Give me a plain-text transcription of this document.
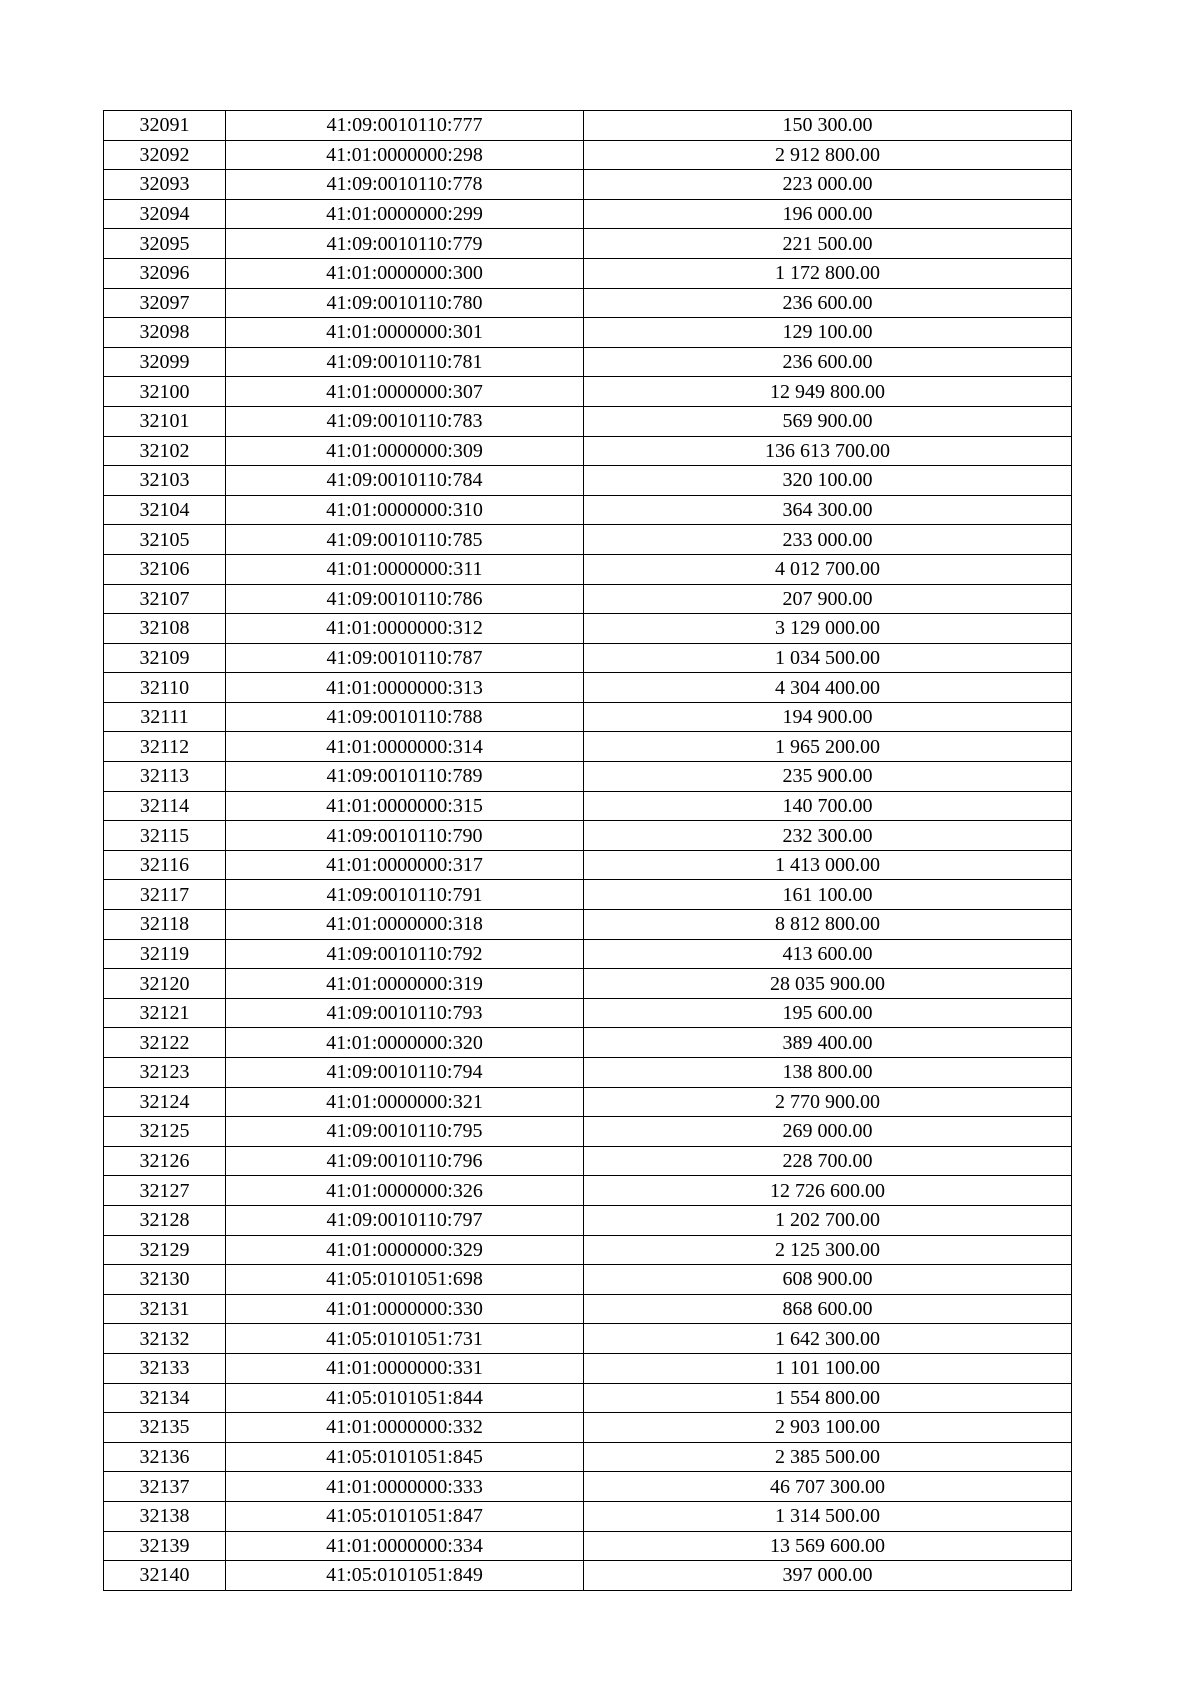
32091	41:09:0010110:777	150 300.00
32092	41:01:0000000:298	2 912 800.00
32093	41:09:0010110:778	223 000.00
32094	41:01:0000000:299	196 000.00
32095	41:09:0010110:779	221 500.00
32096	41:01:0000000:300	1 172 800.00
32097	41:09:0010110:780	236 600.00
32098	41:01:0000000:301	129 100.00
32099	41:09:0010110:781	236 600.00
32100	41:01:0000000:307	12 949 800.00
32101	41:09:0010110:783	569 900.00
32102	41:01:0000000:309	136 613 700.00
32103	41:09:0010110:784	320 100.00
32104	41:01:0000000:310	364 300.00
32105	41:09:0010110:785	233 000.00
32106	41:01:0000000:311	4 012 700.00
32107	41:09:0010110:786	207 900.00
32108	41:01:0000000:312	3 129 000.00
32109	41:09:0010110:787	1 034 500.00
32110	41:01:0000000:313	4 304 400.00
32111	41:09:0010110:788	194 900.00
32112	41:01:0000000:314	1 965 200.00
32113	41:09:0010110:789	235 900.00
32114	41:01:0000000:315	140 700.00
32115	41:09:0010110:790	232 300.00
32116	41:01:0000000:317	1 413 000.00
32117	41:09:0010110:791	161 100.00
32118	41:01:0000000:318	8 812 800.00
32119	41:09:0010110:792	413 600.00
32120	41:01:0000000:319	28 035 900.00
32121	41:09:0010110:793	195 600.00
32122	41:01:0000000:320	389 400.00
32123	41:09:0010110:794	138 800.00
32124	41:01:0000000:321	2 770 900.00
32125	41:09:0010110:795	269 000.00
32126	41:09:0010110:796	228 700.00
32127	41:01:0000000:326	12 726 600.00
32128	41:09:0010110:797	1 202 700.00
32129	41:01:0000000:329	2 125 300.00
32130	41:05:0101051:698	608 900.00
32131	41:01:0000000:330	868 600.00
32132	41:05:0101051:731	1 642 300.00
32133	41:01:0000000:331	1 101 100.00
32134	41:05:0101051:844	1 554 800.00
32135	41:01:0000000:332	2 903 100.00
32136	41:05:0101051:845	2 385 500.00
32137	41:01:0000000:333	46 707 300.00
32138	41:05:0101051:847	1 314 500.00
32139	41:01:0000000:334	13 569 600.00
32140	41:05:0101051:849	397 000.00
